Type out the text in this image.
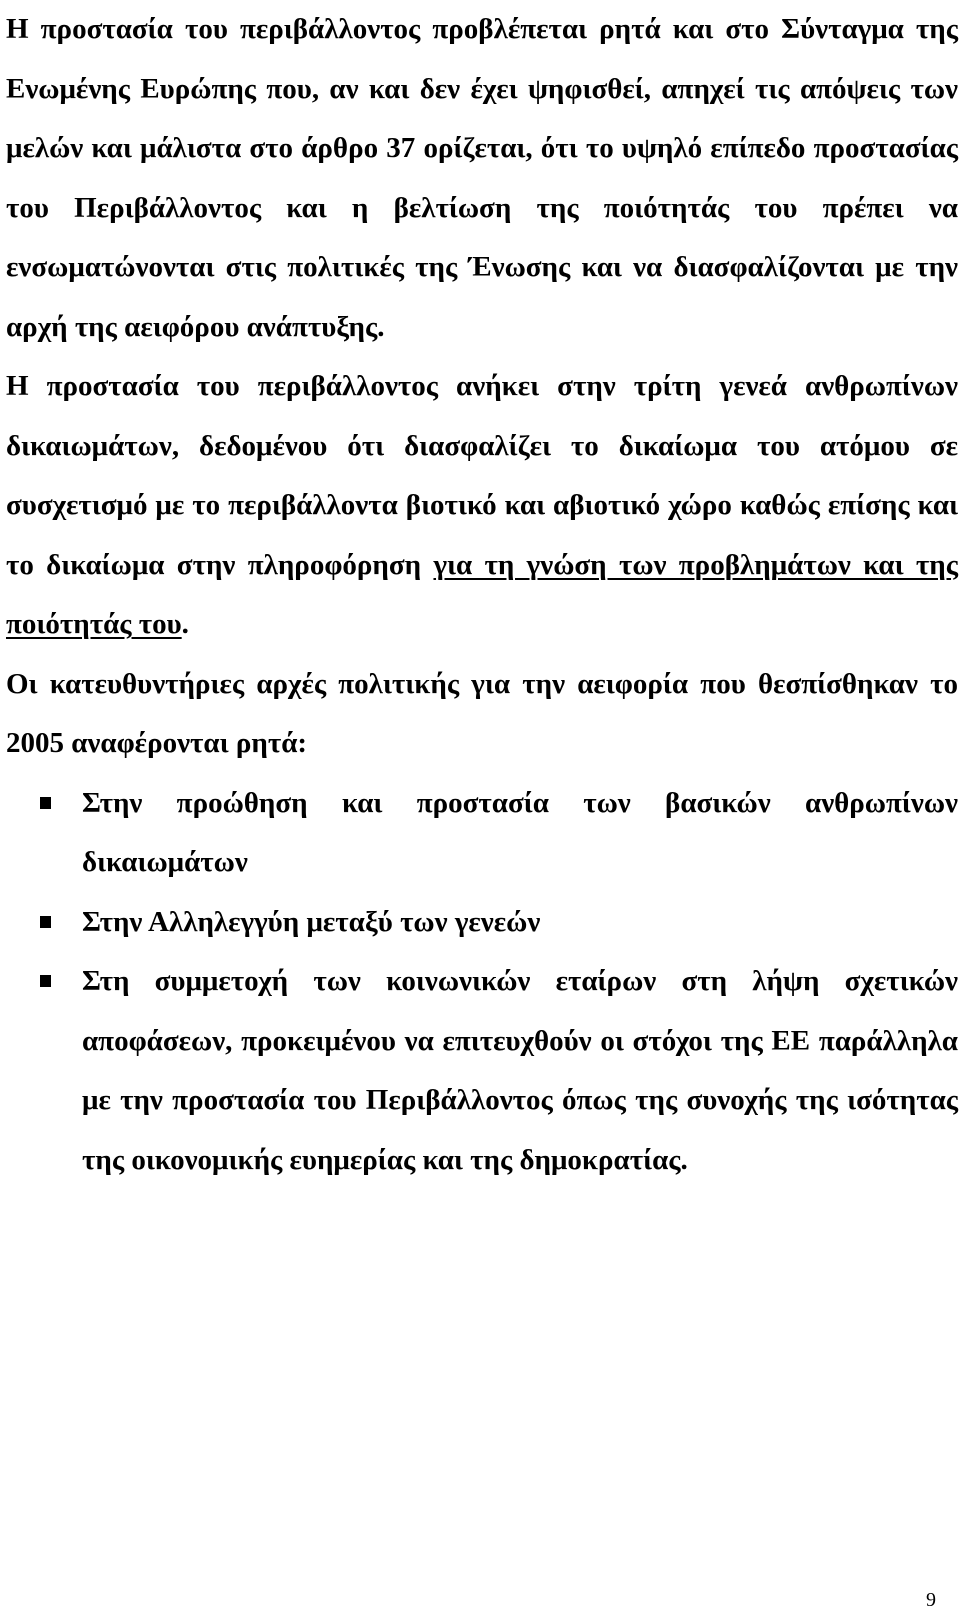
Η προστασία του περιβάλλοντος προβλέπεται ρητά και στο Σύνταγμα της Ενωμένης Ευρώπης που, αν και δεν έχει ψηφισθεί, απηχεί τις απόψεις των μελών και μάλιστα στο άρθρο 37 ορίζεται, ότι το υψηλό επίπεδο προστασίας του Περιβάλλοντος και η βελτίωση της ποιότητάς του πρέπει να ενσωματώνονται στις πολιτικές της Ένωσης και να διασφαλίζονται με την αρχή της αειφόρου ανάπτυξης.

Η προστασία του περιβάλλοντος ανήκει στην τρίτη γενεά ανθρωπίνων δικαιωμάτων, δεδομένου ότι διασφαλίζει το δικαίωμα του ατόμου σε συσχετισμό με το περιβάλλοντα βιοτικό και αβιοτικό χώρο καθώς επίσης και το δικαίωμα στην πληροφόρηση για τη γνώση των προβλημάτων και της ποιότητάς του.

Οι κατευθυντήριες αρχές πολιτικής για την αειφορία που θεσπίσθηκαν το 2005 αναφέρονται ρητά:

Στην προώθηση και προστασία των βασικών ανθρωπίνων δικαιωμάτων
Στην Αλληλεγγύη μεταξύ των γενεών
Στη συμμετοχή των κοινωνικών εταίρων στη λήψη σχετικών αποφάσεων, προκειμένου να επιτευχθούν οι στόχοι της ΕΕ παράλληλα με την προστασία του Περιβάλλοντος όπως της συνοχής της ισότητας της οικονομικής ευημερίας και της δημοκρατίας.
9
